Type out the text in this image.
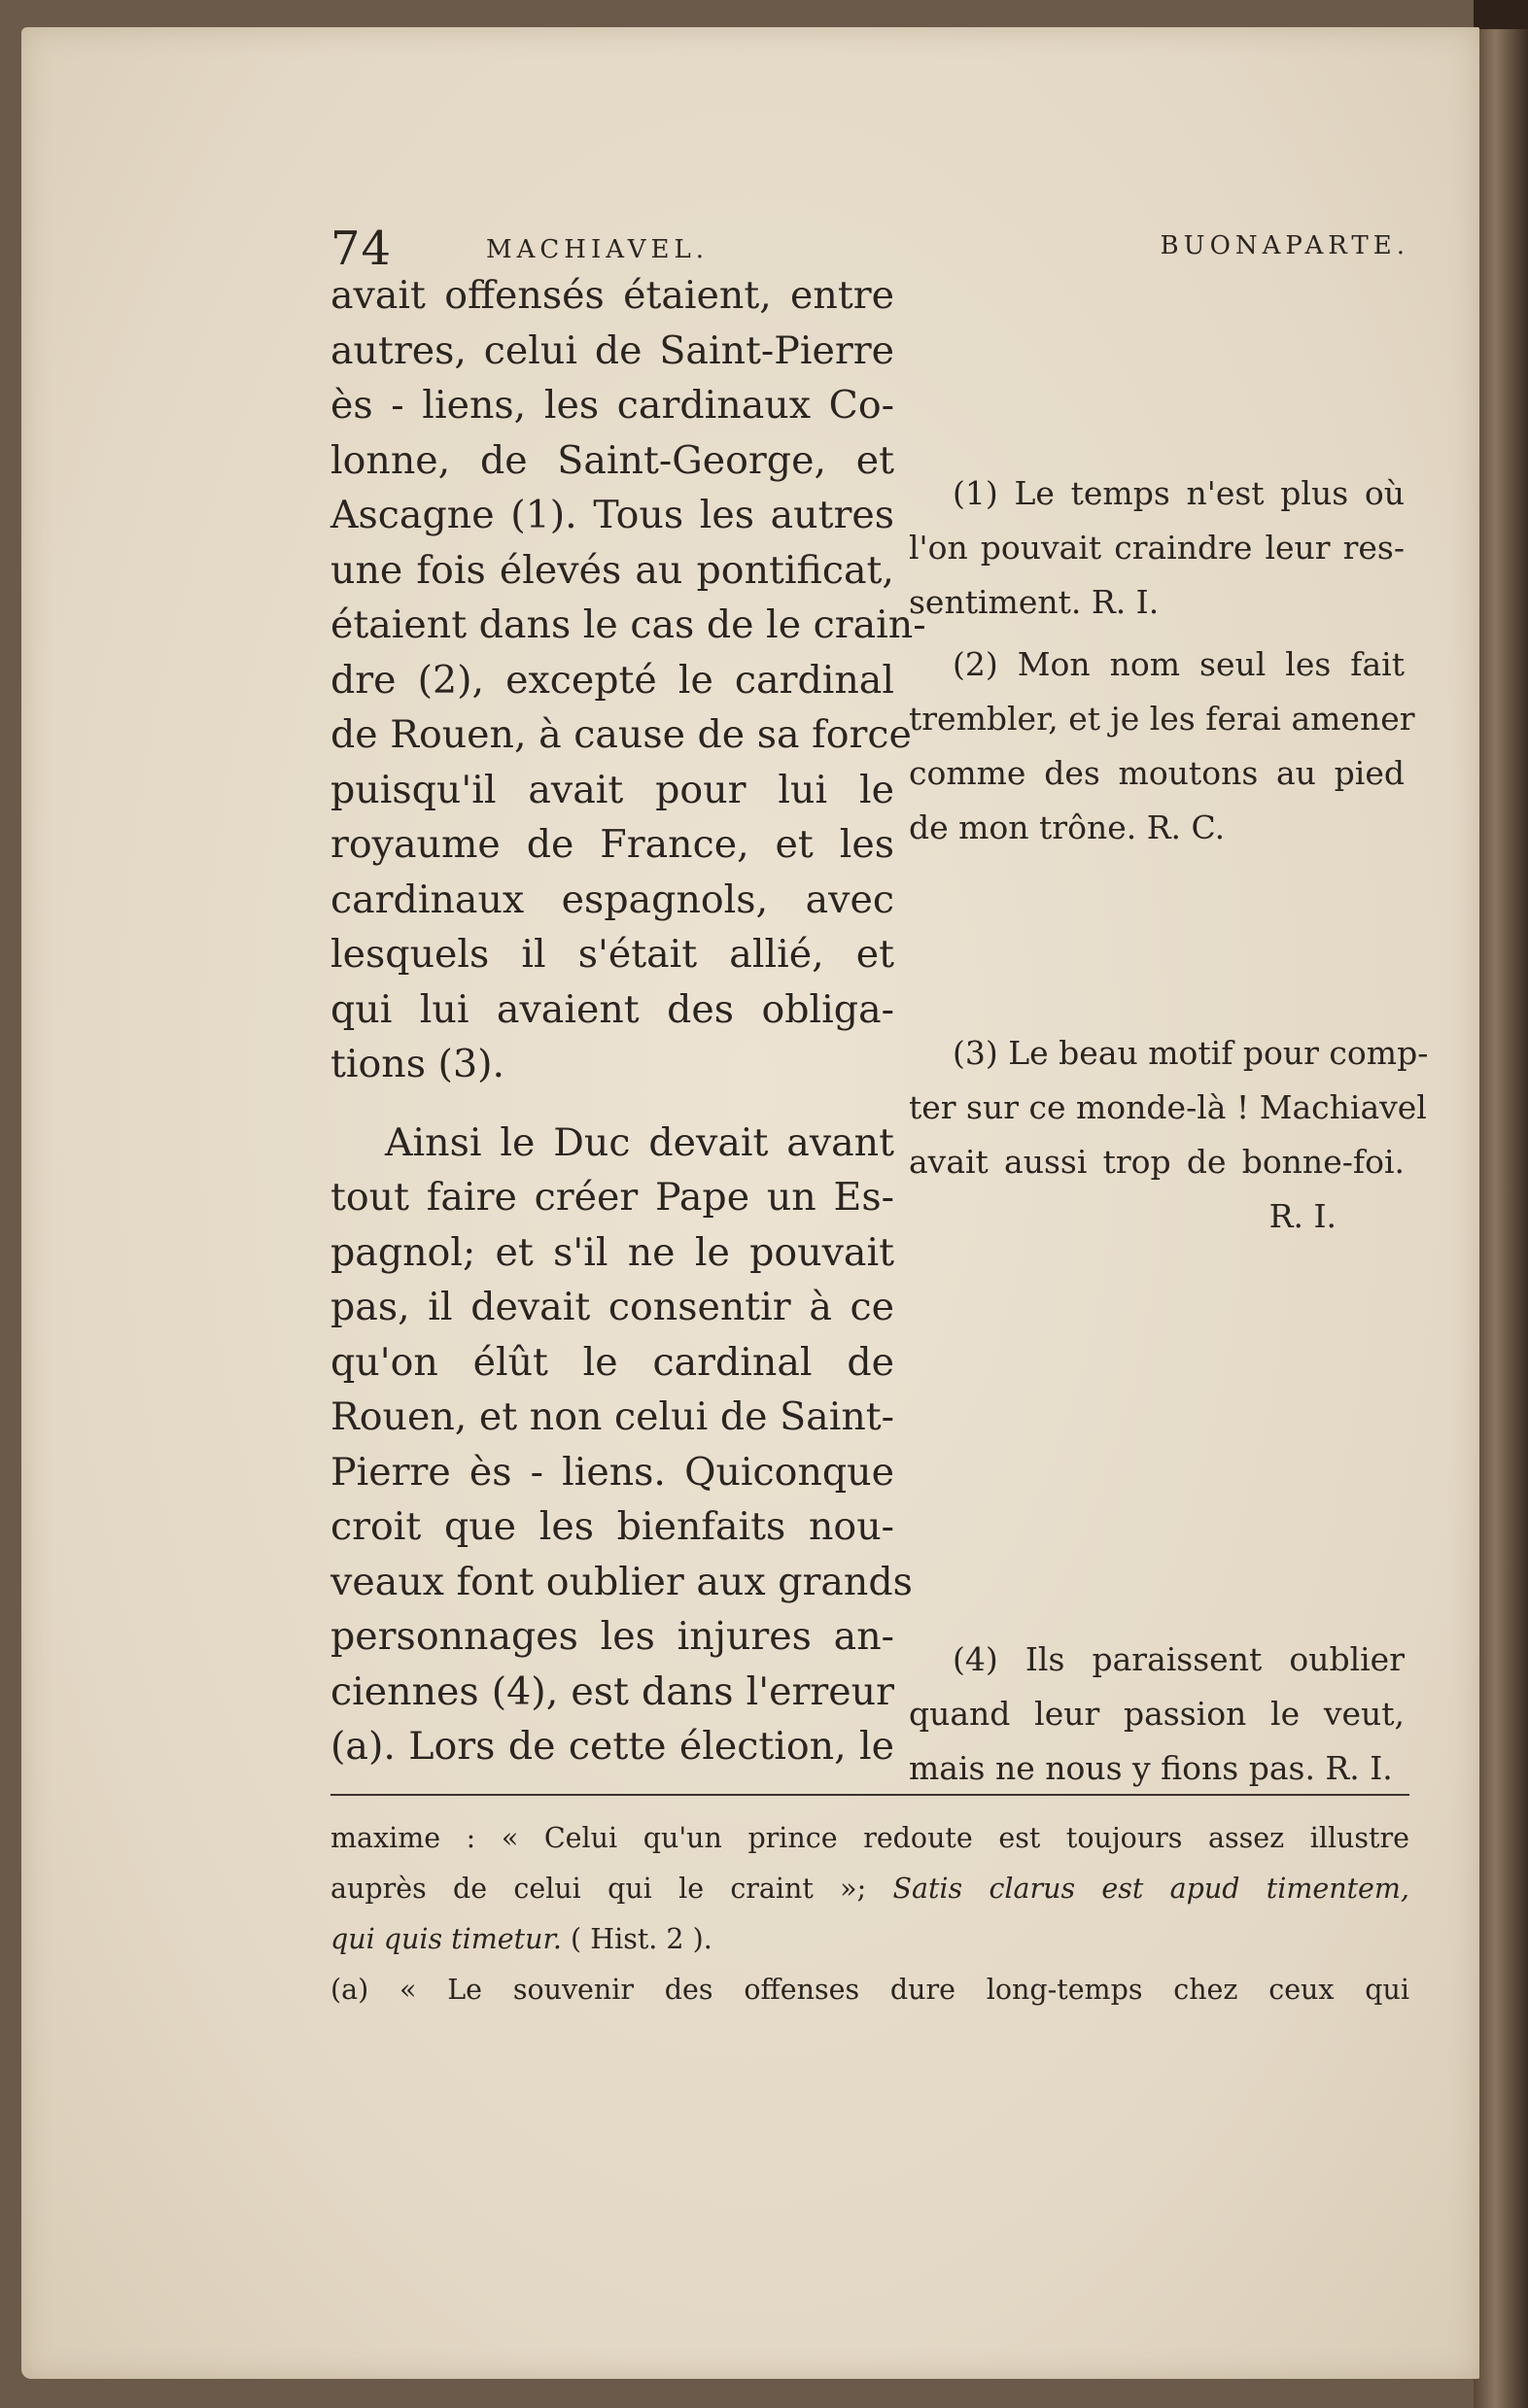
74	MACHIAVEL.	BUONAPARTE.
avait offensés étaient, entre
autres, celui de Saint-Pierre
ès - liens, les cardinaux Co-
lonne, de Saint-George, et
Ascagne (1). Tous les autres
une fois élevés au pontificat,
étaient dans le cas de le crain-
dre (2), excepté le cardinal
de Rouen, à cause de sa force
puisqu'il avait pour lui le
royaume de France, et les
cardinaux espagnols, avec
lesquels il s'était allié, et
qui lui avaient des obliga-
tions (3).
Ainsi le Duc devait avant
tout faire créer Pape un Es-
pagnol; et s'il ne le pouvait
pas, il devait consentir à ce
qu'on élût le cardinal de
Rouen, et non celui de Saint-
Pierre ès - liens. Quiconque
croit que les bienfaits nou-
veaux font oublier aux grands
personnages les injures an-
ciennes (4), est dans l'erreur
(a). Lors de cette élection, le
(1) Le temps n'est plus où
l'on pouvait craindre leur res-
sentiment. R. I.
(2) Mon nom seul les fait
trembler, et je les ferai amener
comme des moutons au pied
de mon trône. R. C.
(3) Le beau motif pour comp-
ter sur ce monde-là ! Machiavel
avait aussi trop de bonne-foi.
R. I.
(4) Ils paraissent oublier
quand leur passion le veut,
mais ne nous y fions pas. R. I.
maxime : « Celui qu'un prince redoute est toujours assez illustre
auprès de celui qui le craint »; Satis clarus est apud timentem,
qui quis timetur. ( Hist. 2 ).
(a) « Le souvenir des offenses dure long-temps chez ceux qui
